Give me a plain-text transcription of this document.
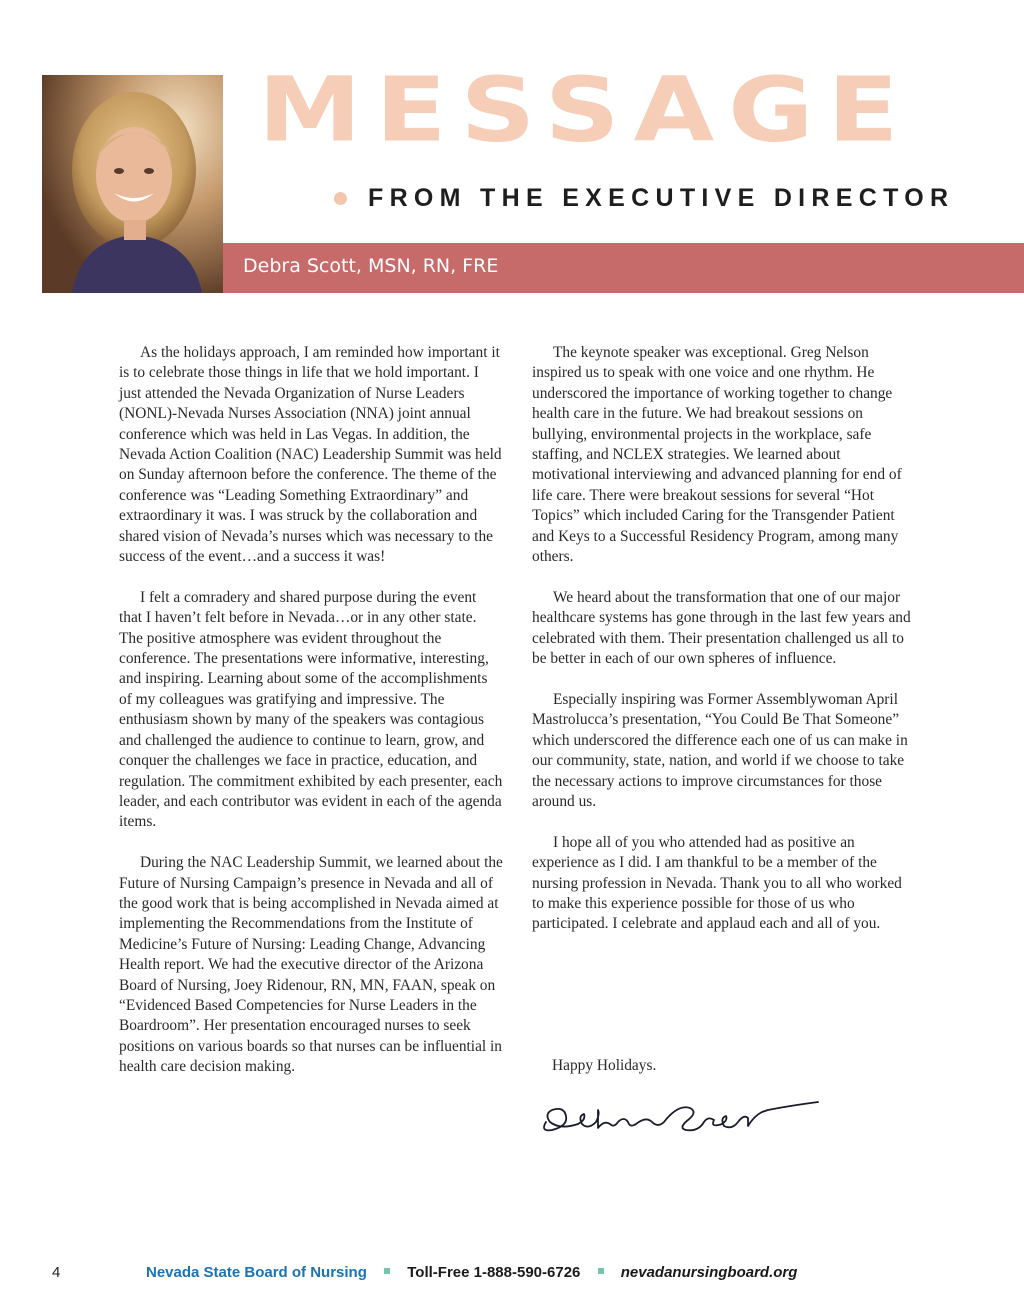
MESSAGE
FROM THE EXECUTIVE DIRECTOR
Debra Scott, MSN, RN, FRE

As the holidays approach, I am reminded how important it is to celebrate those things in life that we hold important. I just attended the Nevada Organization of Nurse Leaders (NONL)-Nevada Nurses Association (NNA) joint annual conference which was held in Las Vegas. In addition, the Nevada Action Coalition (NAC) Leadership Summit was held on Sunday afternoon before the conference. The theme of the conference was “Leading Something Extraordinary” and extraordinary it was. I was struck by the collaboration and shared vision of Nevada’s nurses which was necessary to the success of the event…and a success it was!

I felt a comradery and shared purpose during the event that I haven’t felt before in Nevada…or in any other state. The positive atmosphere was evident throughout the conference. The presentations were informative, interesting, and inspiring. Learning about some of the accomplishments of my colleagues was gratifying and impressive. The enthusiasm shown by many of the speakers was contagious and challenged the audience to continue to learn, grow, and conquer the challenges we face in practice, education, and regulation. The commitment exhibited by each presenter, each leader, and each contributor was evident in each of the agenda items.

During the NAC Leadership Summit, we learned about the Future of Nursing Campaign’s presence in Nevada and all of the good work that is being accomplished in Nevada aimed at implementing the Recommendations from the Institute of Medicine’s Future of Nursing: Leading Change, Advancing Health report. We had the executive director of the Arizona Board of Nursing, Joey Ridenour, RN, MN, FAAN, speak on “Evidenced Based Competencies for Nurse Leaders in the Boardroom”. Her presentation encouraged nurses to seek positions on various boards so that nurses can be influential in health care decision making.

The keynote speaker was exceptional. Greg Nelson inspired us to speak with one voice and one rhythm. He underscored the importance of working together to change health care in the future. We had breakout sessions on bullying, environmental projects in the workplace, safe staffing, and NCLEX strategies. We learned about motivational interviewing and advanced planning for end of life care. There were breakout sessions for several “Hot Topics” which included Caring for the Transgender Patient and Keys to a Successful Residency Program, among many others.

We heard about the transformation that one of our major healthcare systems has gone through in the last few years and celebrated with them. Their presentation challenged us all to be better in each of our own spheres of influence.

Especially inspiring was Former Assemblywoman April Mastrolucca’s presentation, “You Could Be That Someone” which underscored the difference each one of us can make in our community, state, nation, and world if we choose to take the necessary actions to improve circumstances for those around us.

I hope all of you who attended had as positive an experience as I did. I am thankful to be a member of the nursing profession in Nevada. Thank you to all who worked to make this experience possible for those of us who participated. I celebrate and applaud each and all of you.

Happy Holidays.
4	Nevada State Board of Nursing	Toll-Free 1-888-590-6726	nevadanursingboard.org
